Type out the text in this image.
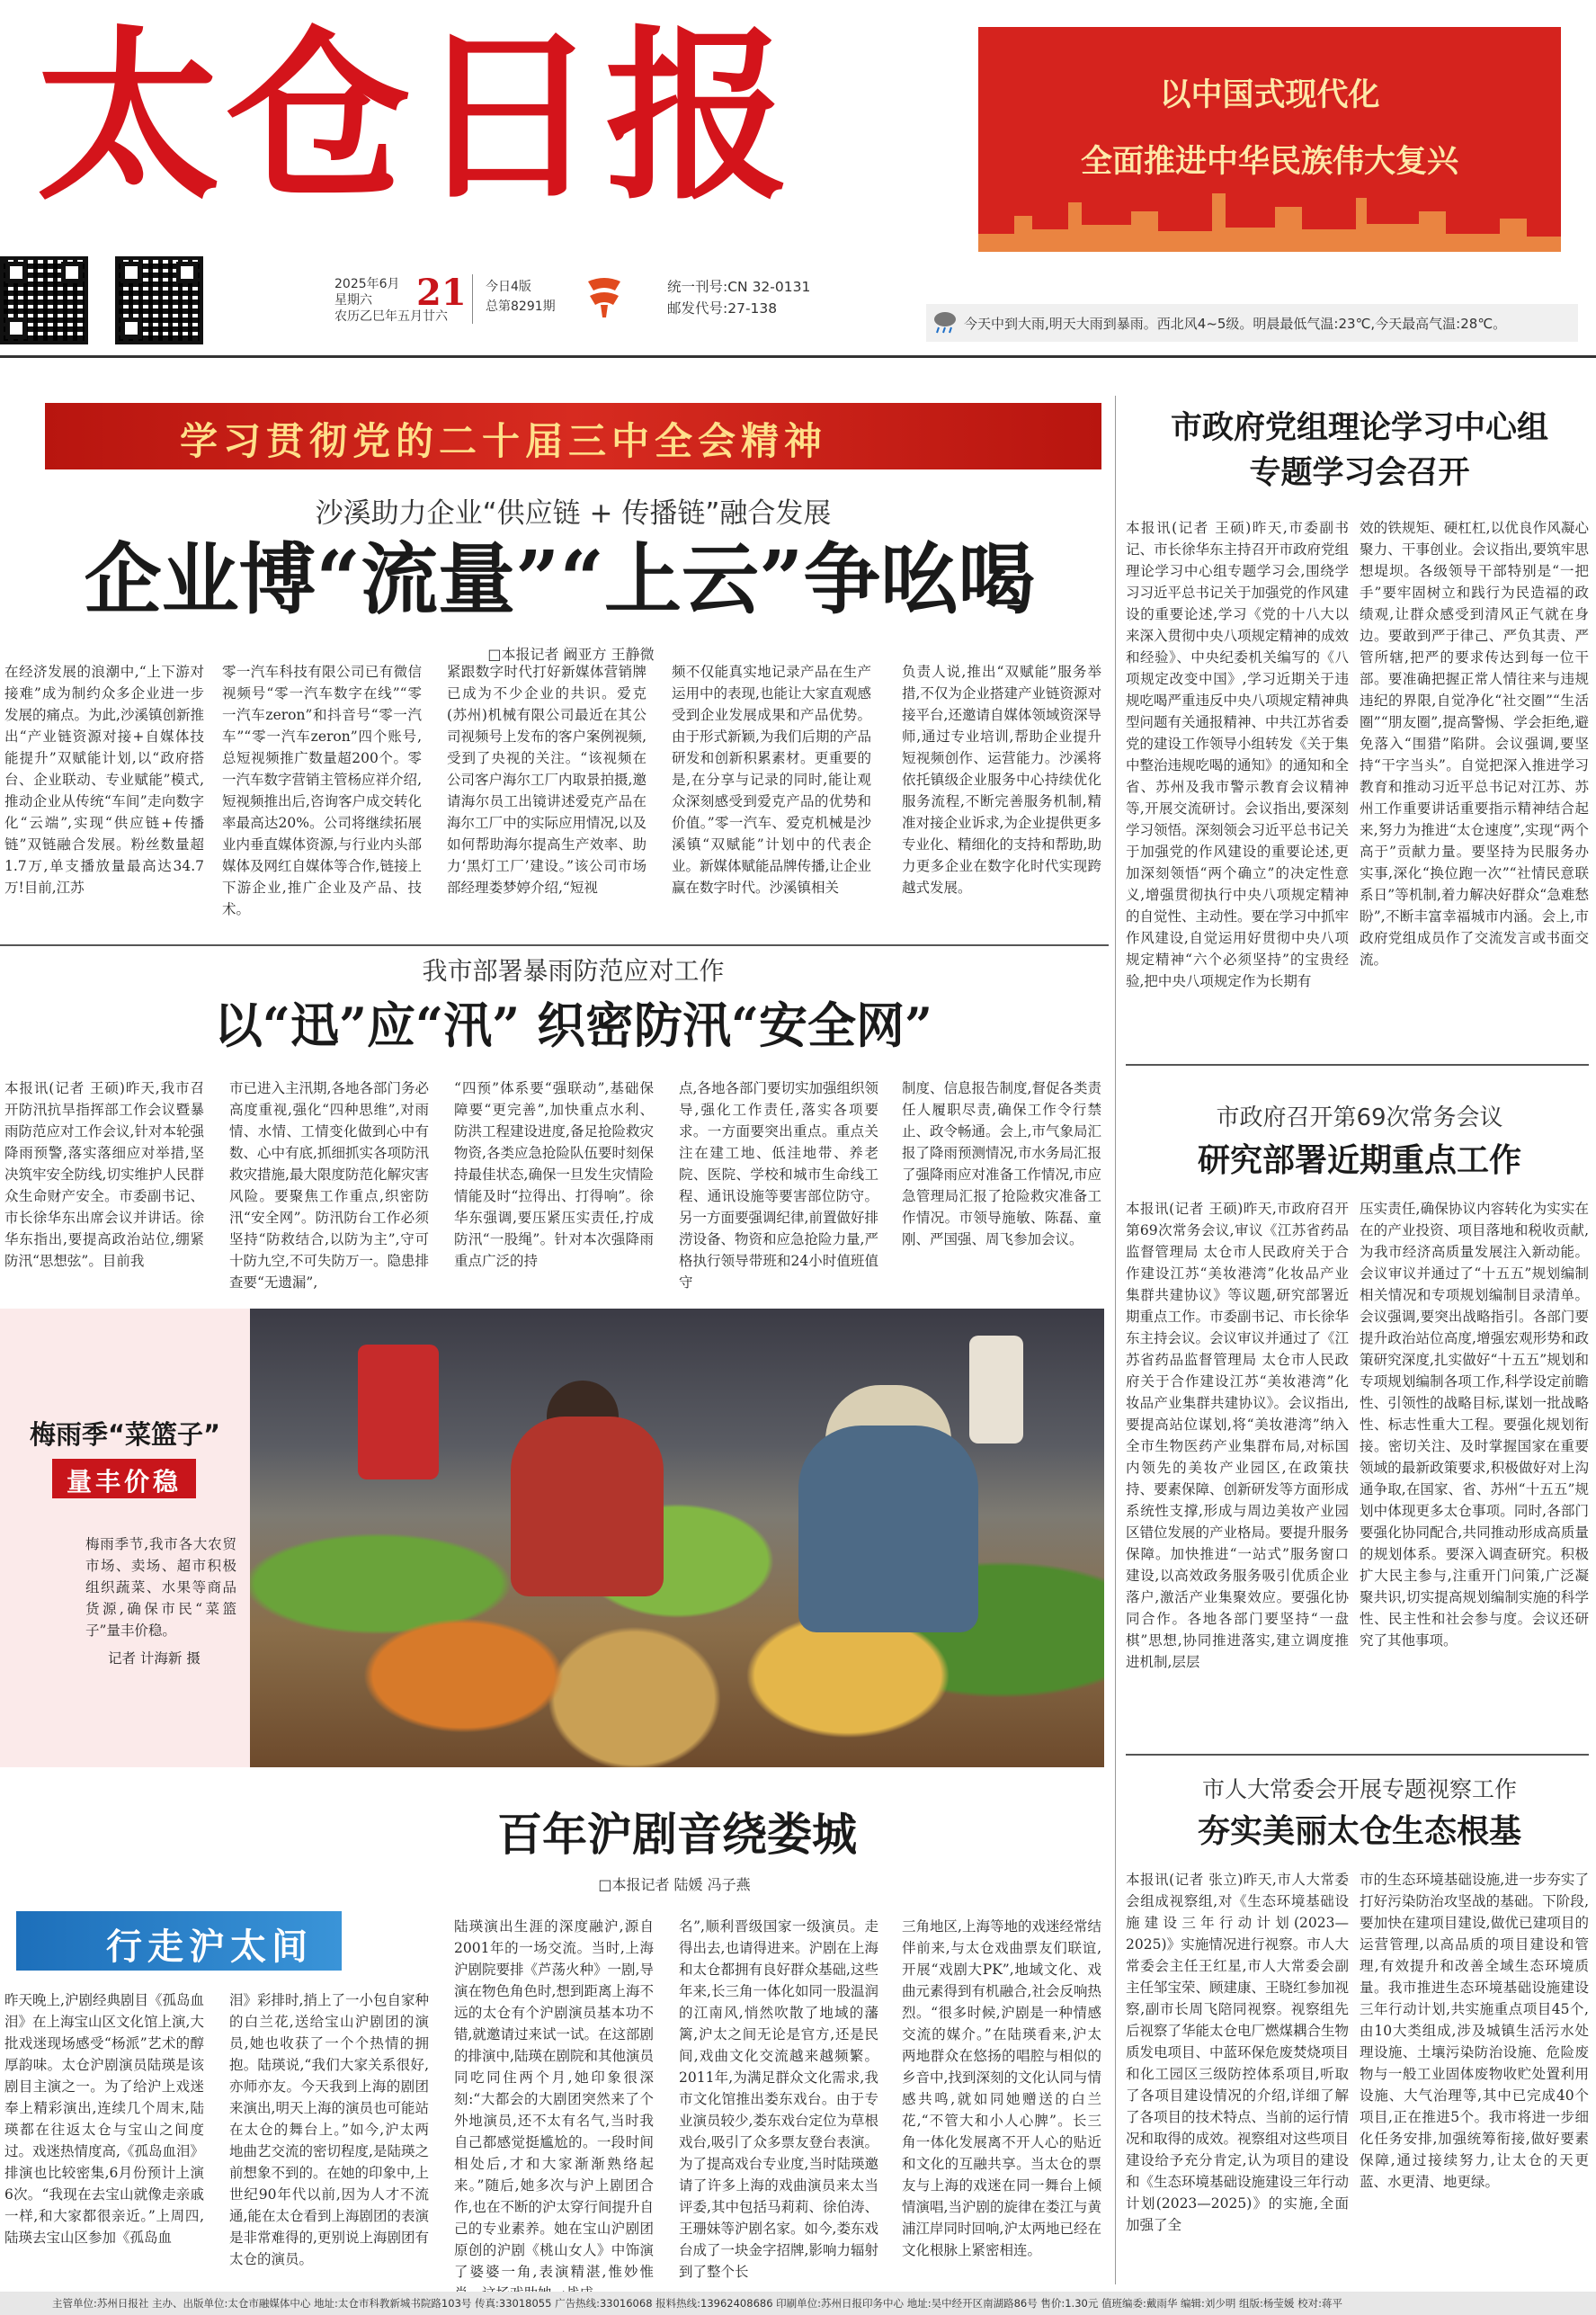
太仓日报	以中国式现代化
全面推进中华民族伟大复兴
2025年6月
星期六
农历乙巳年五月廿六
21 今日4版
总第8291期
统一刊号:CN 32-0131
邮发代号:27-138
今天中到大雨,明天大雨到暴雨。西北风4~5级。明晨最低气温:23℃,今天最高气温:28℃。
学习贯彻党的二十届三中全会精神
沙溪助力企业“供应链 + 传播链”融合发展
企业博“流量”“上云”争吆喝
□本报记者 阚亚方 王静微
在经济发展的浪潮中,“上下游对接难”成为制约众多企业进一步发展的痛点。为此,沙溪镇创新推出“产业链资源对接+自媒体技能提升”双赋能计划,以“政府搭台、企业联动、专业赋能”模式,推动企业从传统“车间”走向数字化“云端”,实现“供应链+传播链”双链融合发展。粉丝数量超1.7万,单支播放量最高达34.7万!目前,江苏
零一汽车科技有限公司已有微信视频号“零一汽车数字在线”“零一汽车zeron”和抖音号“零一汽车”“零一汽车zeron”四个账号,总短视频推广数量超200个。零一汽车数字营销主管杨应祥介绍,短视频推出后,咨询客户成交转化率最高达20%。公司将继续拓展业内垂直媒体资源,与行业内头部媒体及网红自媒体等合作,链接上下游企业,推广企业及产品、技术。
紧跟数字时代打好新媒体营销牌已成为不少企业的共识。爱克(苏州)机械有限公司最近在其公司视频号上发布的客户案例视频,受到了央视的关注。“该视频在公司客户海尔工厂内取景拍摄,邀请海尔员工出镜讲述爱克产品在海尔工厂中的实际应用情况,以及如何帮助海尔提高生产效率、助力‘黑灯工厂’建设。”该公司市场部经理娄梦婷介绍,“短视
频不仅能真实地记录产品在生产运用中的表现,也能让大家直观感受到企业发展成果和产品优势。由于形式新颖,为我们后期的产品研发和创新积累素材。更重要的是,在分享与记录的同时,能让观众深刻感受到爱克产品的优势和价值。”零一汽车、爱克机械是沙溪镇“双赋能”计划中的代表企业。新媒体赋能品牌传播,让企业赢在数字时代。沙溪镇相关
负责人说,推出“双赋能”服务举措,不仅为企业搭建产业链资源对接平台,还邀请自媒体领域资深导师,通过专业培训,帮助企业提升短视频创作、运营能力。沙溪将依托镇级企业服务中心持续优化服务流程,不断完善服务机制,精准对接企业诉求,为企业提供更多专业化、精细化的支持和帮助,助力更多企业在数字化时代实现跨越式发展。
我市部署暴雨防范应对工作
以“迅”应“汛” 织密防汛“安全网”
本报讯(记者 王硕)昨天,我市召开防汛抗旱指挥部工作会议暨暴雨防范应对工作会议,针对本轮强降雨预警,落实落细应对举措,坚决筑牢安全防线,切实维护人民群众生命财产安全。市委副书记、市长徐华东出席会议并讲话。徐华东指出,要提高政治站位,绷紧防汛“思想弦”。目前我
市已进入主汛期,各地各部门务必高度重视,强化“四种思维”,对雨情、水情、工情变化做到心中有数、心中有底,抓细抓实各项防汛救灾措施,最大限度防范化解灾害风险。要聚焦工作重点,织密防汛“安全网”。防汛防台工作必须坚持“防救结合,以防为主”,守可十防九空,不可失防万一。隐患排查要“无遗漏”,
“四预”体系要“强联动”,基础保障要“更完善”,加快重点水利、防洪工程建设进度,备足抢险救灾物资,各类应急抢险队伍要时刻保持最佳状态,确保一旦发生灾情险情能及时“拉得出、打得响”。徐华东强调,要压紧压实责任,拧成防汛“一股绳”。针对本次强降雨重点广泛的持
点,各地各部门要切实加强组织领导,强化工作责任,落实各项要求。一方面要突出重点。重点关注在建工地、低洼地带、养老院、医院、学校和城市生命线工程、通讯设施等要害部位防守。另一方面要强调纪律,前置做好排涝设备、物资和应急抢险力量,严格执行领导带班和24小时值班值守
制度、信息报告制度,督促各类责任人履职尽责,确保工作令行禁止、政令畅通。会上,市气象局汇报了降雨预测情况,市水务局汇报了强降雨应对准备工作情况,市应急管理局汇报了抢险救灾准备工作情况。市领导施敏、陈磊、童刚、严国强、周飞参加会议。
梅雨季“菜篮子”
量丰价稳
梅雨季节,我市各大农贸市场、卖场、超市积极组织蔬菜、水果等商品货源,确保市民“菜篮子”量丰价稳。
记者 计海新 摄
百年沪剧音绕娄城
□本报记者 陆媛 冯子燕
行走沪太间
昨天晚上,沪剧经典剧目《孤岛血泪》在上海宝山区文化馆上演,大批戏迷现场感受“杨派”艺术的醇厚韵味。太仓沪剧演员陆瑛是该剧目主演之一。为了给沪上戏迷奉上精彩演出,连续几个周末,陆瑛都在往返太仓与宝山之间度过。戏迷热情度高,《孤岛血泪》排演也比较密集,6月份预计上演6次。“我现在去宝山就像走亲戚一样,和大家都很亲近。”上周四,陆瑛去宝山区参加《孤岛血
泪》彩排时,捎上了一小包自家种的白兰花,送给宝山沪剧团的演员,她也收获了一个个热情的拥抱。陆瑛说,“我们大家关系很好,亦师亦友。今天我到上海的剧团来演出,明天上海的演员也可能站在太仓的舞台上。”如今,沪太两地曲艺交流的密切程度,是陆瑛之前想象不到的。在她的印象中,上世纪90年代以前,因为人才不流通,能在太仓看到上海剧团的表演是非常难得的,更别说上海剧团有太仓的演员。
陆瑛演出生涯的深度融沪,源自2001年的一场交流。当时,上海沪剧院要排《芦荡火种》一剧,导演在物色角色时,想到距离上海不远的太仓有个沪剧演员基本功不错,就邀请过来试一试。在这部剧的排演中,陆瑛在剧院和其他演员同吃同住两个月,她印象很深刻:“大都会的大剧团突然来了个外地演员,还不太有名气,当时我自己都感觉挺尴尬的。一段时间相处后,才和大家渐渐熟络起来。”随后,她多次与沪上剧团合作,也在不断的沪太穿行间提升自己的专业素养。她在宝山沪剧团原创的沪剧《桃山女人》中饰演了婆婆一角,表演精湛,惟妙惟
名”,顺利晋级国家一级演员。走得出去,也请得进来。沪剧在上海和太仓都拥有良好群众基础,这些年来,长三角一体化如同一股温润的江南风,悄然吹散了地域的藩篱,沪太之间无论是官方,还是民间,戏曲文化交流越来越频繁。2011年,为满足群众文化需求,我市文化馆推出娄东戏台。由于专业演员较少,娄东戏台定位为草根戏台,吸引了众多票友登台表演。为了提高戏台专业度,当时陆瑛邀请了许多上海的戏曲演员来太当评委,其中包括马莉莉、徐伯涛、王珊妹等沪剧名家。如今,娄东戏台成了一块金字招牌,影响力辐射到了整个长
三角地区,上海等地的戏迷经常结伴前来,与太仓戏曲票友们联谊,开展“戏剧大PK”,地域文化、戏曲元素得到有机融合,社会反响热烈。“很多时候,沪剧是一种情感交流的媒介。”在陆瑛看来,沪太两地群众在悠扬的唱腔与相似的乡音中,找到深刻的文化认同与情感共鸣,就如同她赠送的白兰花,“不管大和小人心脾”。长三角一体化发展离不开人心的贴近和文化的互融共享。当太仓的票友与上海的戏迷在同一舞台上倾情演唱,当沪剧的旋律在娄江与黄浦江岸同时回响,沪太两地已经在文化根脉上紧密相连。
市政府党组理论学习中心组
专题学习会召开
本报讯(记者 王硕)昨天,市委副书记、市长徐华东主持召开市政府党组理论学习中心组专题学习会,围绕学习习近平总书记关于加强党的作风建设的重要论述,学习《党的十八大以来深入贯彻中央八项规定精神的成效和经验》、中央纪委机关编写的《八项规定改变中国》,学习近期关于违规吃喝严重违反中央八项规定精神典型问题有关通报精神、中共江苏省委党的建设工作领导小组转发《关于集中整治违规吃喝的通知》的通知和全省、苏州及我市警示教育会议精神等,开展交流研讨。会议指出,要深刻学习领悟。深刻领会习近平总书记关于加强党的作风建设的重要论述,更加深刻领悟“两个确立”的决定性意义,增强贯彻执行中央八项规定精神的自觉性、主动性。要在学习中抓牢作风建设,自觉运用好贯彻中央八项规定精神“六个必须坚持”的宝贵经验,把中央八项规定作为长期有
效的铁规矩、硬杠杠,以优良作风凝心聚力、干事创业。会议指出,要筑牢思想堤坝。各级领导干部特别是“一把手”要牢固树立和践行为民造福的政绩观,让群众感受到清风正气就在身边。要敢到严于律己、严负其责、严管所辖,把严的要求传达到每一位干部。要准确把握正常人情往来与违规违纪的界限,自觉净化“社交圈”“生活圈”“朋友圈”,提高警惕、学会拒绝,避免落入“围猎”陷阱。会议强调,要坚持“干字当头”。自觉把深入推进学习教育和推动习近平总书记对江苏、苏州工作重要讲话重要指示精神结合起来,努力为推进“太仓速度”,实现“两个高于”贡献力量。要坚持为民服务办实事,深化“换位跑一次”“社情民意联系日”等机制,着力解决好群众“急难愁盼”,不断丰富幸福城市内涵。会上,市政府党组成员作了交流发言或书面交流。
市政府召开第69次常务会议
研究部署近期重点工作
本报讯(记者 王硕)昨天,市政府召开第69次常务会议,审议《江苏省药品监督管理局 太仓市人民政府关于合作建设江苏“美妆港湾”化妆品产业集群共建协议》等议题,研究部署近期重点工作。市委副书记、市长徐华东主持会议。会议审议并通过了《江苏省药品监督管理局 太仓市人民政府关于合作建设江苏“美妆港湾”化妆品产业集群共建协议》。会议指出,要提高站位谋划,将“美妆港湾”纳入全市生物医药产业集群布局,对标国内领先的美妆产业园区,在政策扶持、要素保障、创新研发等方面形成系统性支撑,形成与周边美妆产业园区错位发展的产业格局。要提升服务保障。加快推进“一站式”服务窗口建设,以高效政务服务吸引优质企业落户,激活产业集聚效应。要强化协同合作。各地各部门要坚持“一盘棋”思想,协同推进落实,建立调度推进机制,层层
压实责任,确保协议内容转化为实实在在的产业投资、项目落地和税收贡献,为我市经济高质量发展注入新动能。会议审议并通过了“十五五”规划编制相关情况和专项规划编制目录清单。会议强调,要突出战略指引。各部门要提升政治站位高度,增强宏观形势和政策研究深度,扎实做好“十五五”规划和专项规划编制各项工作,科学设定前瞻性、引领性的战略目标,谋划一批战略性、标志性重大工程。要强化规划衔接。密切关注、及时掌握国家在重要领域的最新政策要求,积极做好对上沟通争取,在国家、省、苏州“十五五”规划中体现更多太仓事项。同时,各部门要强化协同配合,共同推动形成高质量的规划体系。要深入调查研究。积极扩大民主参与,注重开门问策,广泛凝聚共识,切实提高规划编制实施的科学性、民主性和社会参与度。会议还研究了其他事项。
市人大常委会开展专题视察工作
夯实美丽太仓生态根基
本报讯(记者 张立)昨天,市人大常委会组成视察组,对《生态环境基础设施建设三年行动计划(2023—2025)》实施情况进行视察。市人大常委会主任王红星,市人大常委会副主任邹宝荣、顾建康、王晓红参加视察,副市长周飞陪同视察。视察组先后视察了华能太仓电厂燃煤耦合生物质发电项目、中蓝环保危废焚烧项目和化工园区三级防控体系项目,听取了各项目建设情况的介绍,详细了解了各项目的技术特点、当前的运行情况和取得的成效。视察组对这些项目建设给予充分肯定,认为项目的建设和《生态环境基础设施建设三年行动计划(2023—2025)》的实施,全面加强了全
市的生态环境基础设施,进一步夯实了打好污染防治攻坚战的基础。下阶段,要加快在建项目建设,做优已建项目的运营管理,以高品质的项目建设和管理,有效提升和改善全域生态环境质量。我市推进生态环境基础设施建设三年行动计划,共实施重点项目45个,由10大类组成,涉及城镇生活污水处理设施、土壤污染防治设施、危险废物与一般工业固体废物收贮处置利用设施、大气治理等,其中已完成40个项目,正在推进5个。我市将进一步细化任务安排,加强统筹衔接,做好要素保障,通过接续努力,让太仓的天更蓝、水更清、地更绿。
主管单位:苏州日报社 主办、出版单位:太仓市融媒体中心 地址:太仓市科教新城书院路103号 传真:33018055 广告热线:33016068 报料热线:13962408686 印刷单位:苏州日报印务中心 地址:吴中经开区南湖路86号 售价:1.30元 值班编委:戴雨华 编辑:刘少明 组版:杨莹媛 校对:蒋平
